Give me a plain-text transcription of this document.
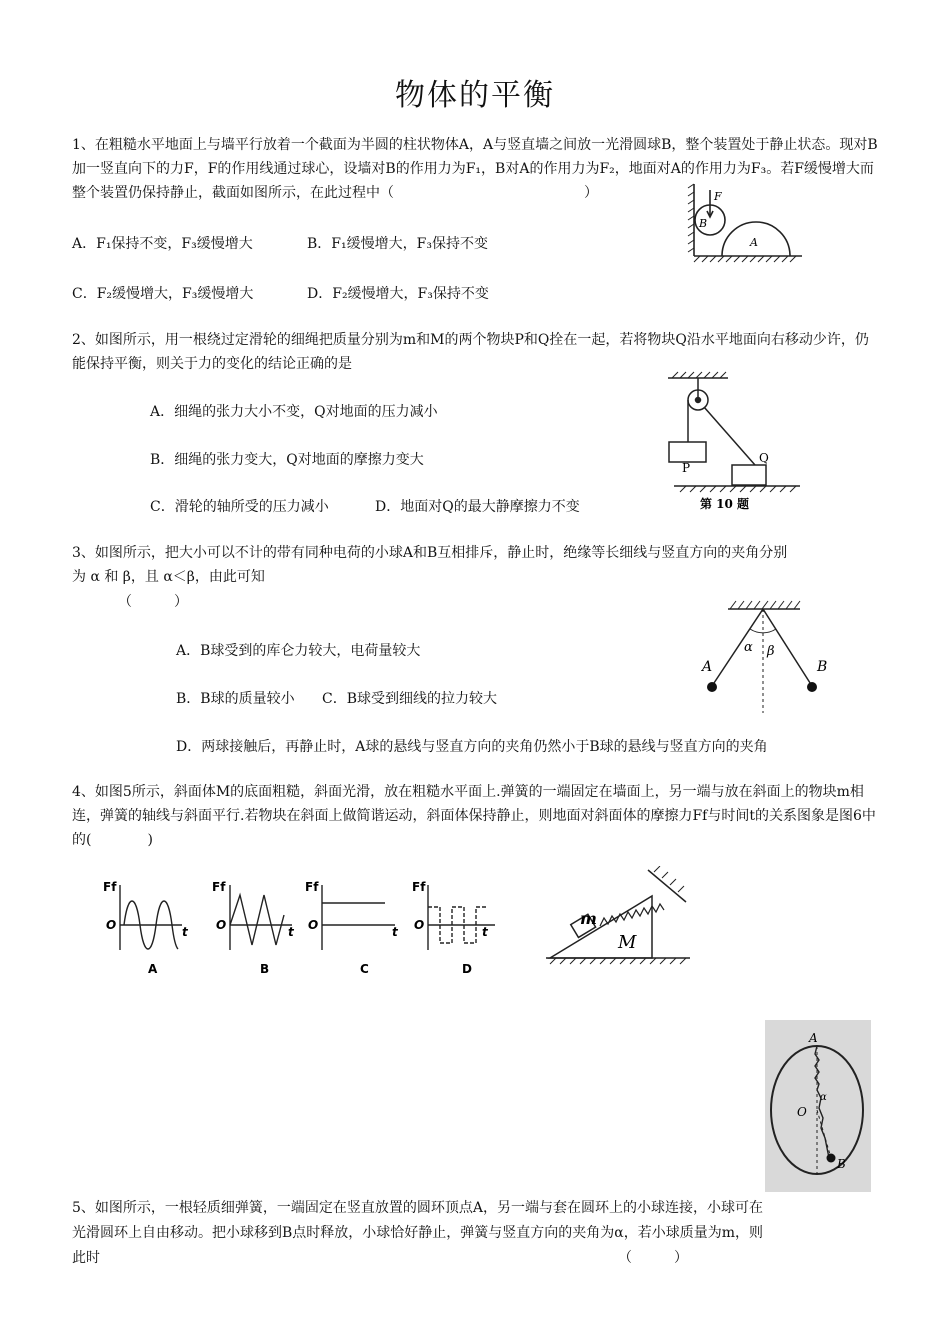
物体的平衡
1、在粗糙水平地面上与墙平行放着一个截面为半圆的柱状物体A，A与竖直墙之间放一光滑圆球B，整个装置处于静止状态。现对B加一竖直向下的力F，F的作用线通过球心，设墙对B的作用力为F₁，B对A的作用力为F₂，地面对A的作用力为F₃。若F缓慢增大而整个装置仍保持静止，截面如图所示，在此过程中（	）
A．F₁保持不变，F₃缓慢增大	B．F₁缓慢增大，F₃保持不变
C．F₂缓慢增大，F₃缓慢增大	D．F₂缓慢增大，F₃保持不变
F
B
A
2、如图所示，用一根绕过定滑轮的细绳把质量分别为m和M的两个物块P和Q拴在一起，若将物块Q沿水平地面向右移动少许，仍能保持平衡，则关于力的变化的结论正确的是
A．细绳的张力大小不变，Q对地面的压力减小
B．细绳的张力变大，Q对地面的摩擦力变大
C．滑轮的轴所受的压力减小	D．地面对Q的最大静摩擦力不变
P
Q
第 10 题
3、如图所示，把大小可以不计的带有同种电荷的小球A和B互相排斥，静止时，绝缘等长细线与竖直方向的夹角分别
为 α 和 β，且 α＜β，由此可知
（　　　）
A．B球受到的库仑力较大，电荷量较大
B．B球的质量较小 C．B球受到细线的拉力较大
D．两球接触后，再静止时，A球的悬线与竖直方向的夹角仍然小于B球的悬线与竖直方向的夹角
A	B
α β
4、如图5所示，斜面体M的底面粗糙，斜面光滑，放在粗糙水平面上.弹簧的一端固定在墙面上，另一端与放在斜面上的物块m相连，弹簧的轴线与斜面平行.若物块在斜面上做简谐运动，斜面体保持静止，则地面对斜面体的摩擦力Ff与时间t的关系图象是图6中的(　　　　)
Ff
O	t
A
Ff
O	t
B
Ff
O	t
C
Ff
O	t
D
m
M
A
O
B
α
5、如图所示，一根轻质细弹簧，一端固定在竖直放置的圆环顶点A，另一端与套在圆环上的小球连接，小球可在
光滑圆环上自由移动。把小球移到B点时释放，小球恰好静止，弹簧与竖直方向的夹角为α，若小球质量为m，则
此时	（　　　）
